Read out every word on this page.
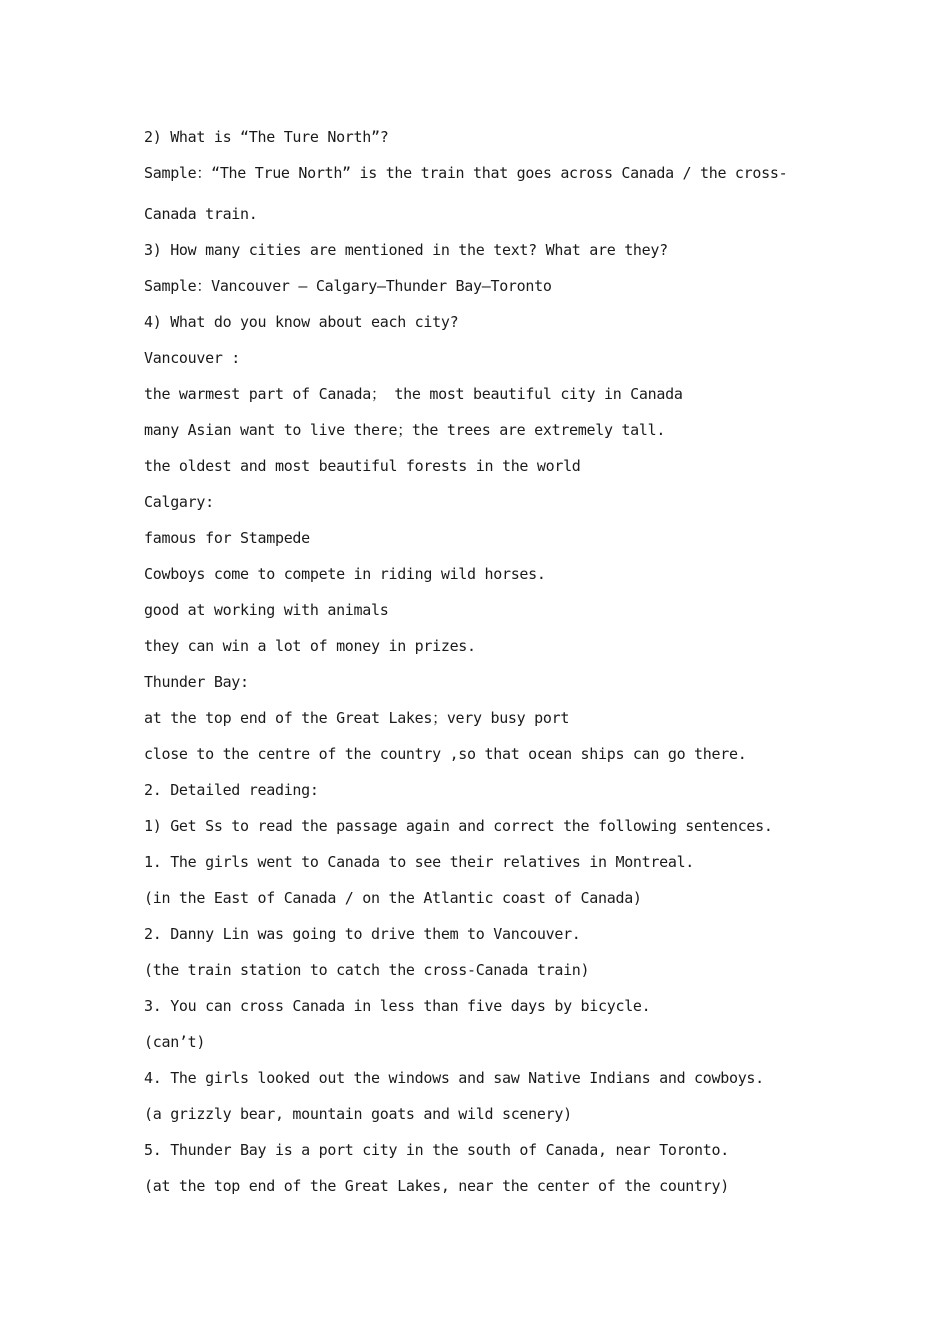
2) What is “The Ture North”?
Sample：“The True North” is the train that goes across Canada / the cross-
Canada train.
3) How many cities are mentioned in the text? What are they?
Sample：Vancouver – Calgary—Thunder Bay—Toronto
4) What do you know about each city?
Vancouver :
the warmest part of Canada； the most beautiful city in Canada
many Asian want to live there；the trees are extremely tall.
the oldest and most beautiful forests in the world
Calgary:
famous for Stampede
Cowboys come to compete in riding wild horses.
good at working with animals
they can win a lot of money in prizes.
Thunder Bay:
at the top end of the Great Lakes；very busy port
close to the centre of the country ,so that ocean ships can go there.
2. Detailed reading:
1) Get Ss to read the passage again and correct the following sentences.
1. The girls went to Canada to see their relatives in Montreal.
(in the East of Canada / on the Atlantic coast of Canada)
2. Danny Lin was going to drive them to Vancouver.
(the train station to catch the cross-Canada train)
3. You can cross Canada in less than five days by bicycle.
(can’t)
4. The girls looked out the windows and saw Native Indians and cowboys.
(a grizzly bear, mountain goats and wild scenery)
5. Thunder Bay is a port city in the south of Canada, near Toronto.
(at the top end of the Great Lakes, near the center of the country)
